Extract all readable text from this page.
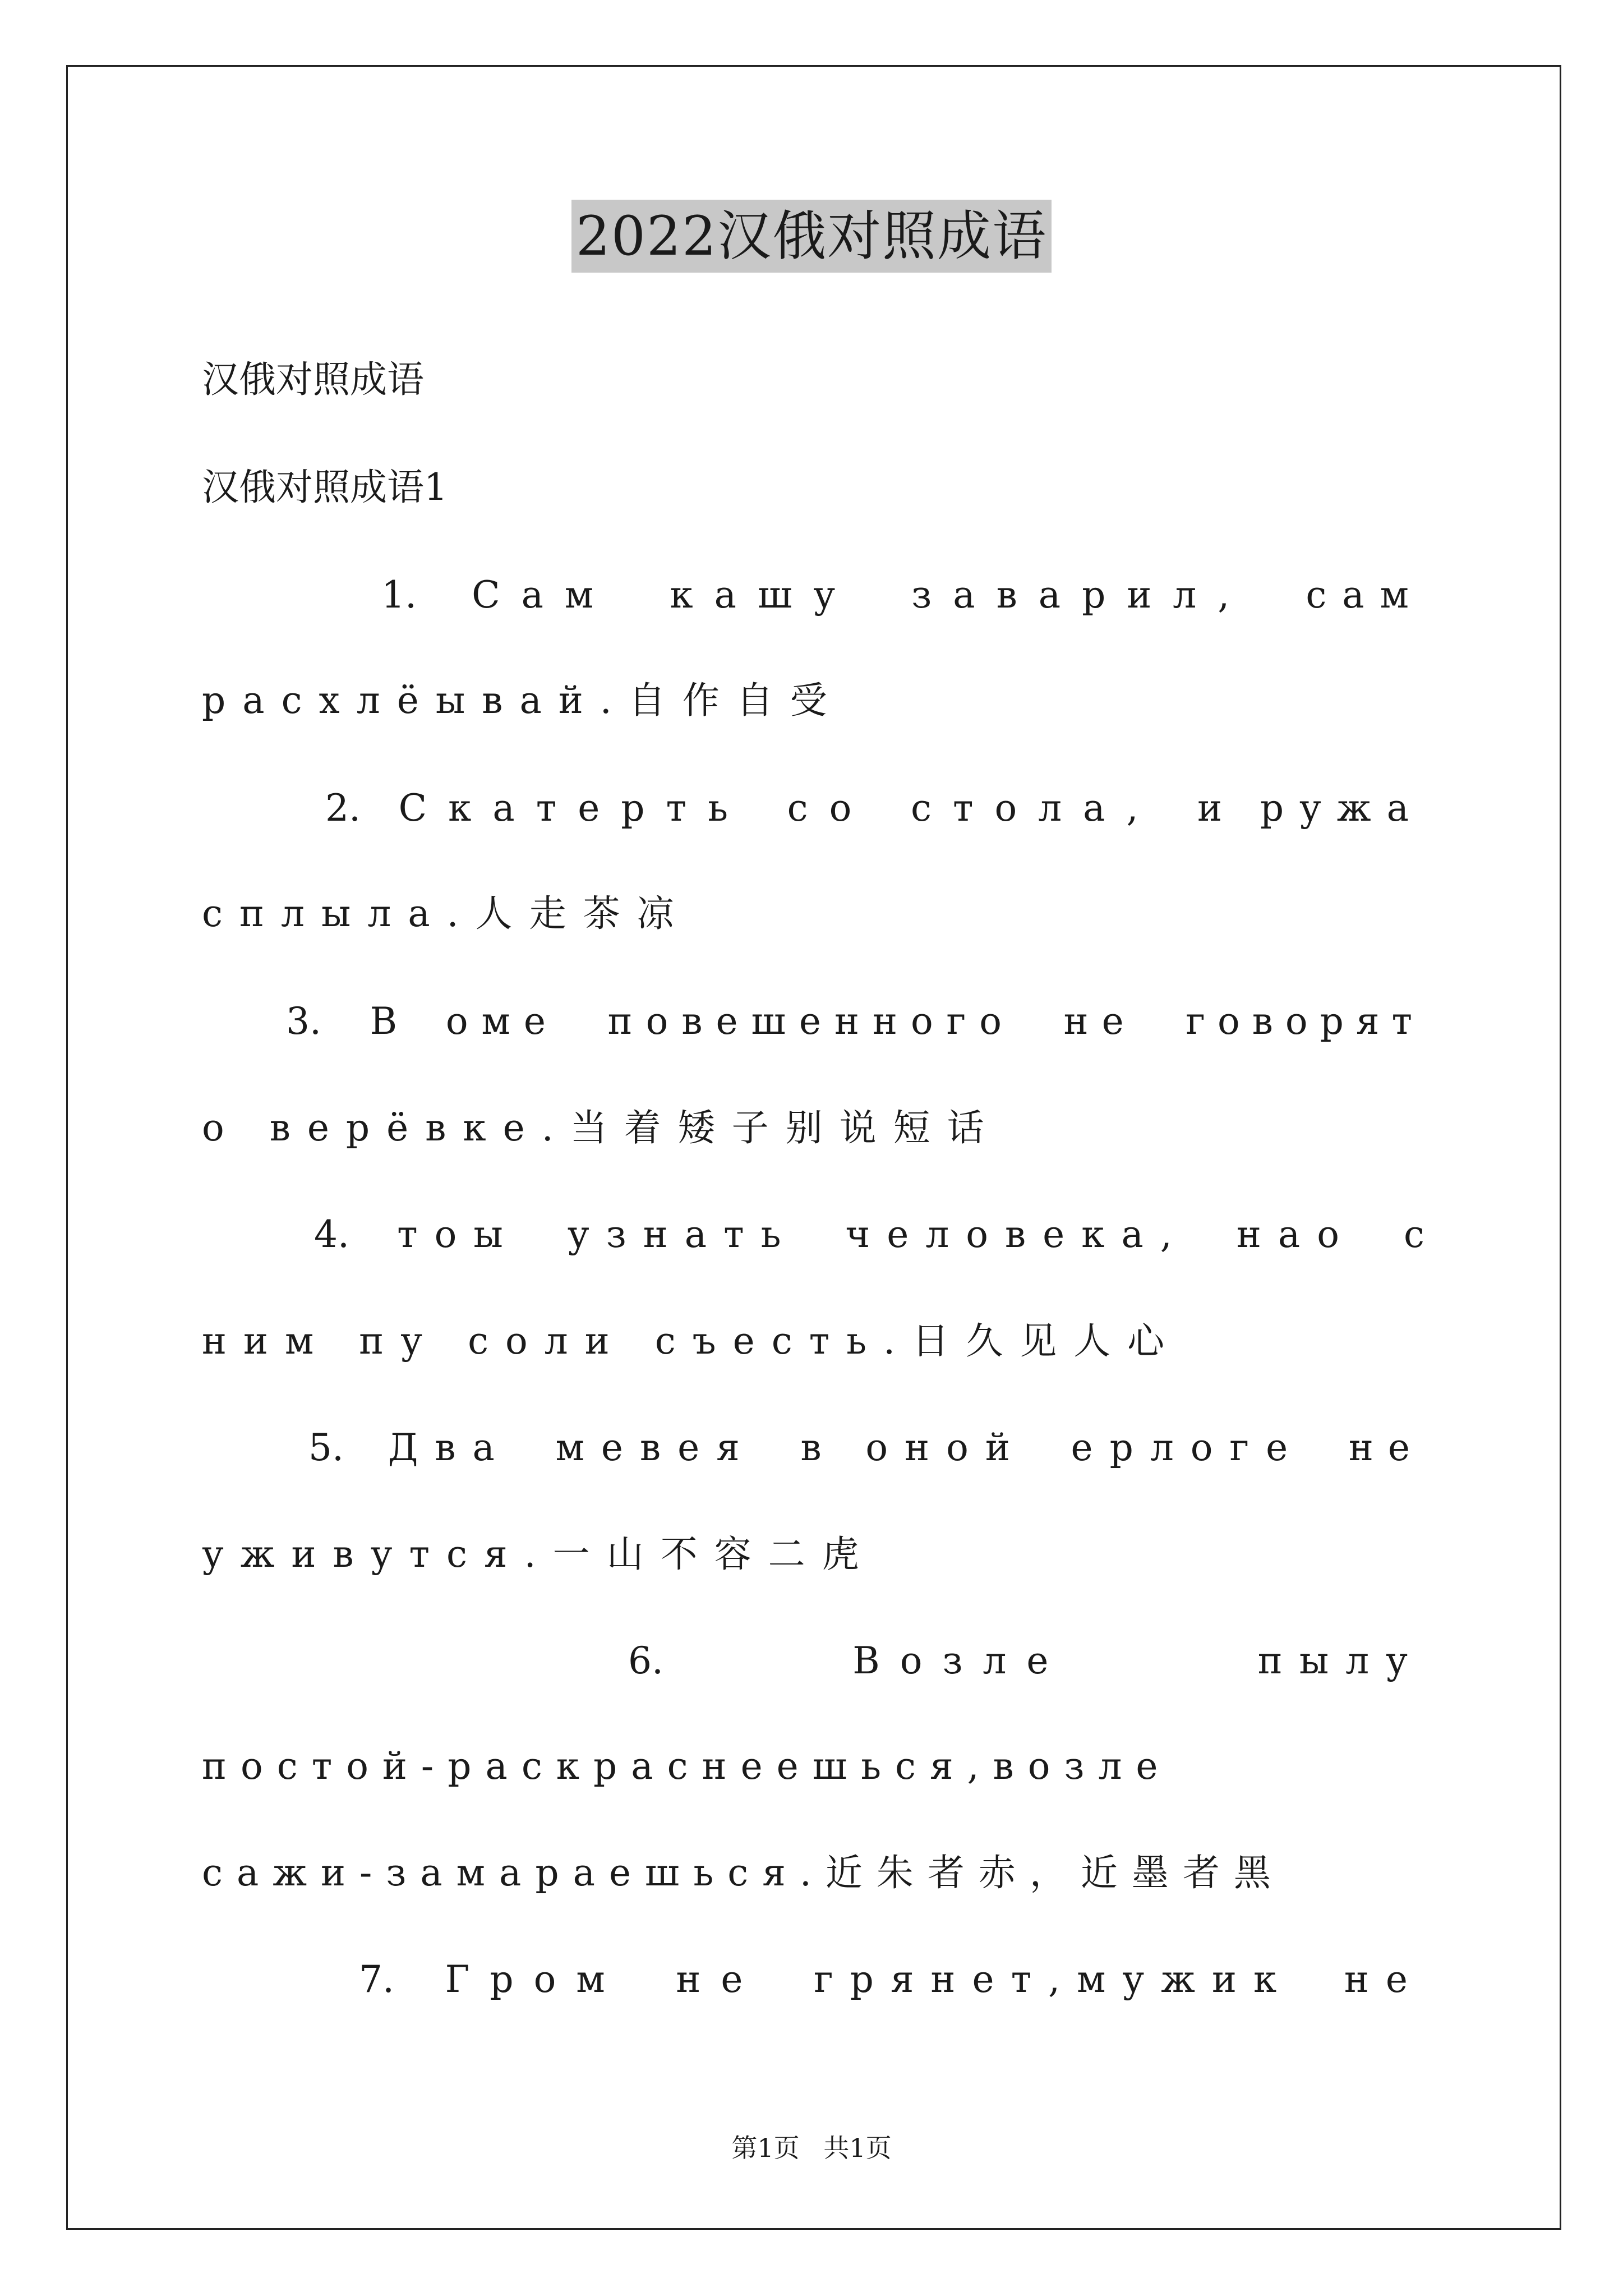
2022汉俄对照成语
汉俄对照成语
汉俄对照成语1
1. Сам кашу заварил, сам
расхлёывай.自作自受
2. Скатерть со стола, и ружа
сплыла.人走茶凉
3. В оме повешенного не говорят
о верёвке.当着矮子别说短话
4. тоы узнать человека, нао с
ним пу соли съесть.日久见人心
5. Два мевея в оной ерлоге не
уживутся.一山不容二虎
6.	Возле	пылу
постой-раскраснеешься,возле
сажи-замараешься.近朱者赤，近墨者黑
7. Гром не грянет,мужик не
第1页 共1页
